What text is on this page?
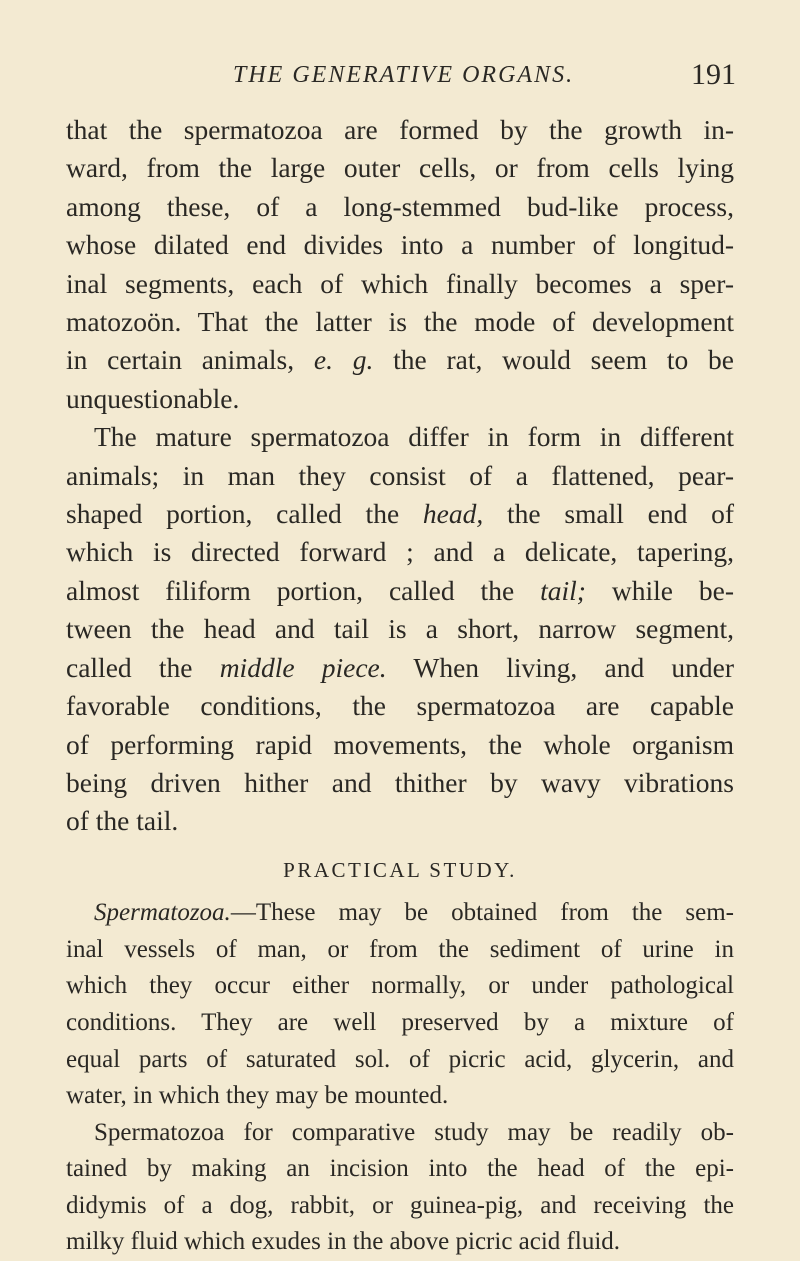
THE GENERATIVE ORGANS.	191
that the spermatozoa are formed by the growth in-
ward, from the large outer cells, or from cells lying
among these, of a long-stemmed bud-like process,
whose dilated end divides into a number of longitud-
inal segments, each of which finally becomes a sper-
matozoön. That the latter is the mode of development
in certain animals, e. g. the rat, would seem to be
unquestionable.
The mature spermatozoa differ in form in different
animals; in man they consist of a flattened, pear-
shaped portion, called the head, the small end of
which is directed forward ; and a delicate, tapering,
almost filiform portion, called the tail; while be-
tween the head and tail is a short, narrow segment,
called the middle piece. When living, and under
favorable conditions, the spermatozoa are capable
of performing rapid movements, the whole organism
being driven hither and thither by wavy vibrations
of the tail.
PRACTICAL STUDY.
Spermatozoa.—These may be obtained from the sem-
inal vessels of man, or from the sediment of urine in
which they occur either normally, or under pathological
conditions. They are well preserved by a mixture of
equal parts of saturated sol. of picric acid, glycerin, and
water, in which they may be mounted.
Spermatozoa for comparative study may be readily ob-
tained by making an incision into the head of the epi-
didymis of a dog, rabbit, or guinea-pig, and receiving the
milky fluid which exudes in the above picric acid fluid.
